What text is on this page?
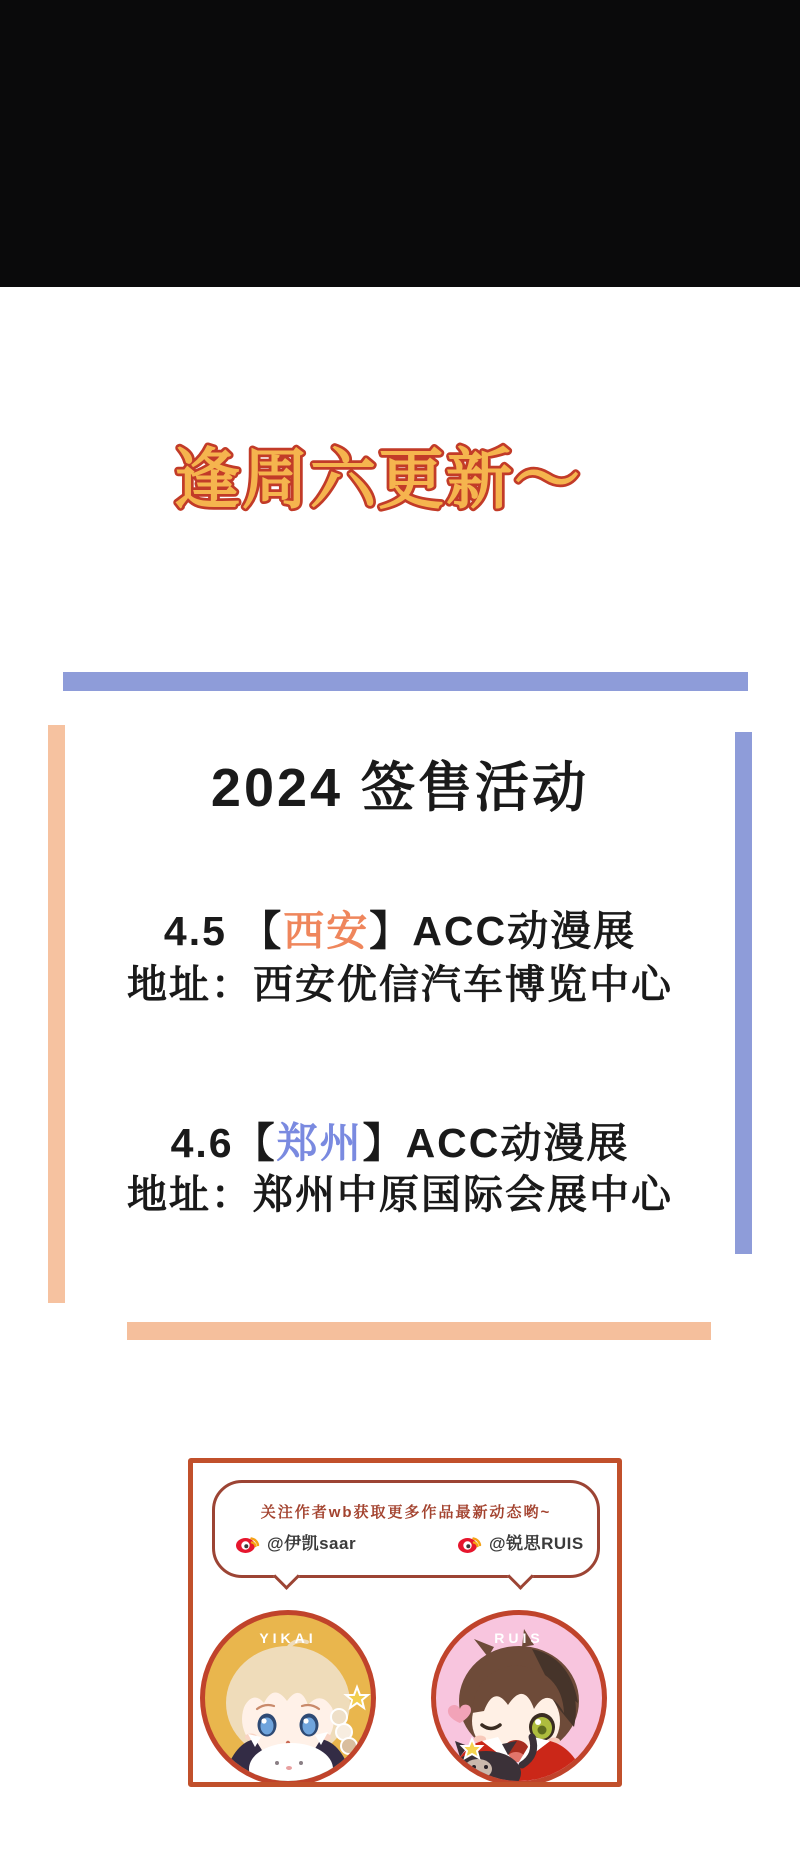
逢周六更新～
2024 签售活动
4.5 【西安】ACC动漫展
地址：西安优信汽车博览中心
4.6【郑州】ACC动漫展
地址：郑州中原国际会展中心
关注作者wb获取更多作品最新动态哟~
@伊凯saar	@锐思RUIS
YIKAI	RUIS
